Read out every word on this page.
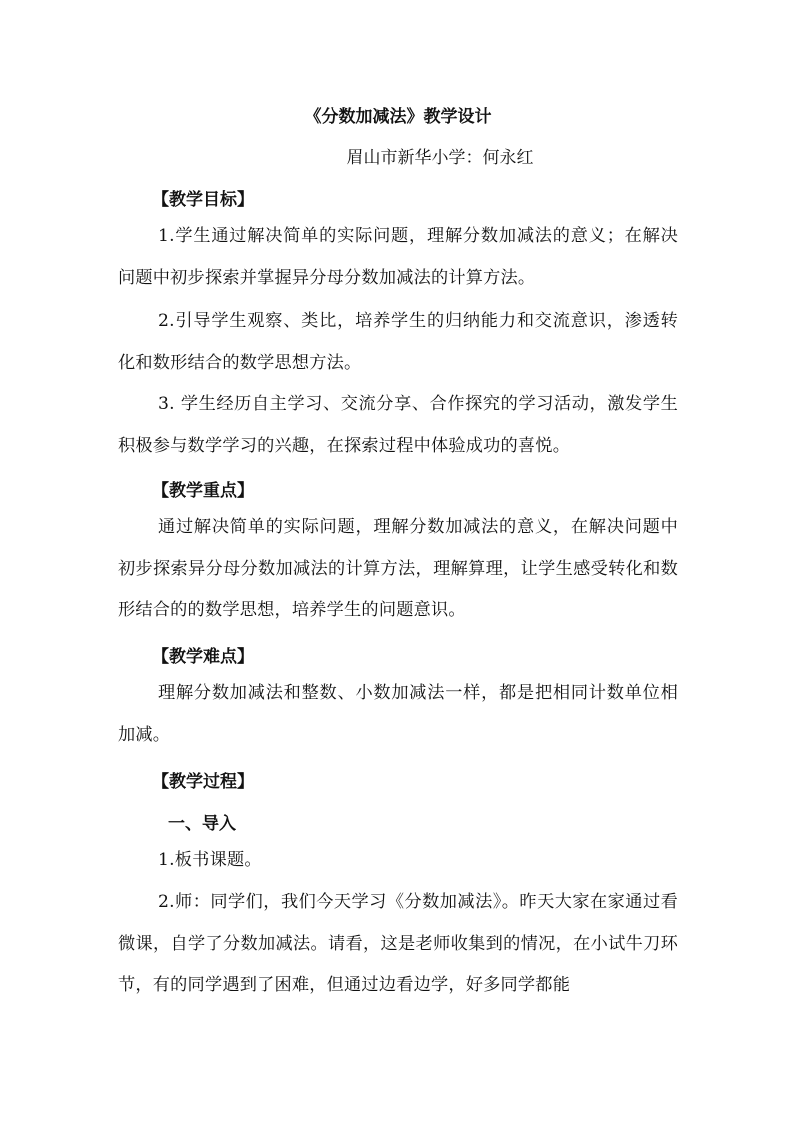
《分数加减法》教学设计
眉山市新华小学：何永红
【教学目标】
1.学生通过解决简单的实际问题，理解分数加减法的意义；在解决问题中初步探索并掌握异分母分数加减法的计算方法。
2.引导学生观察、类比，培养学生的归纳能力和交流意识，渗透转化和数形结合的数学思想方法。
3. 学生经历自主学习、交流分享、合作探究的学习活动，激发学生积极参与数学学习的兴趣，在探索过程中体验成功的喜悦。
【教学重点】
通过解决简单的实际问题，理解分数加减法的意义，在解决问题中初步探索异分母分数加减法的计算方法，理解算理，让学生感受转化和数形结合的的数学思想，培养学生的问题意识。
【教学难点】
理解分数加减法和整数、小数加减法一样，都是把相同计数单位相加减。
【教学过程】
一、导入
1.板书课题。
2.师：同学们，我们今天学习《分数加减法》。昨天大家在家通过看微课，自学了分数加减法。请看，这是老师收集到的情况，在小试牛刀环节，有的同学遇到了困难，但通过边看边学，好多同学都能
